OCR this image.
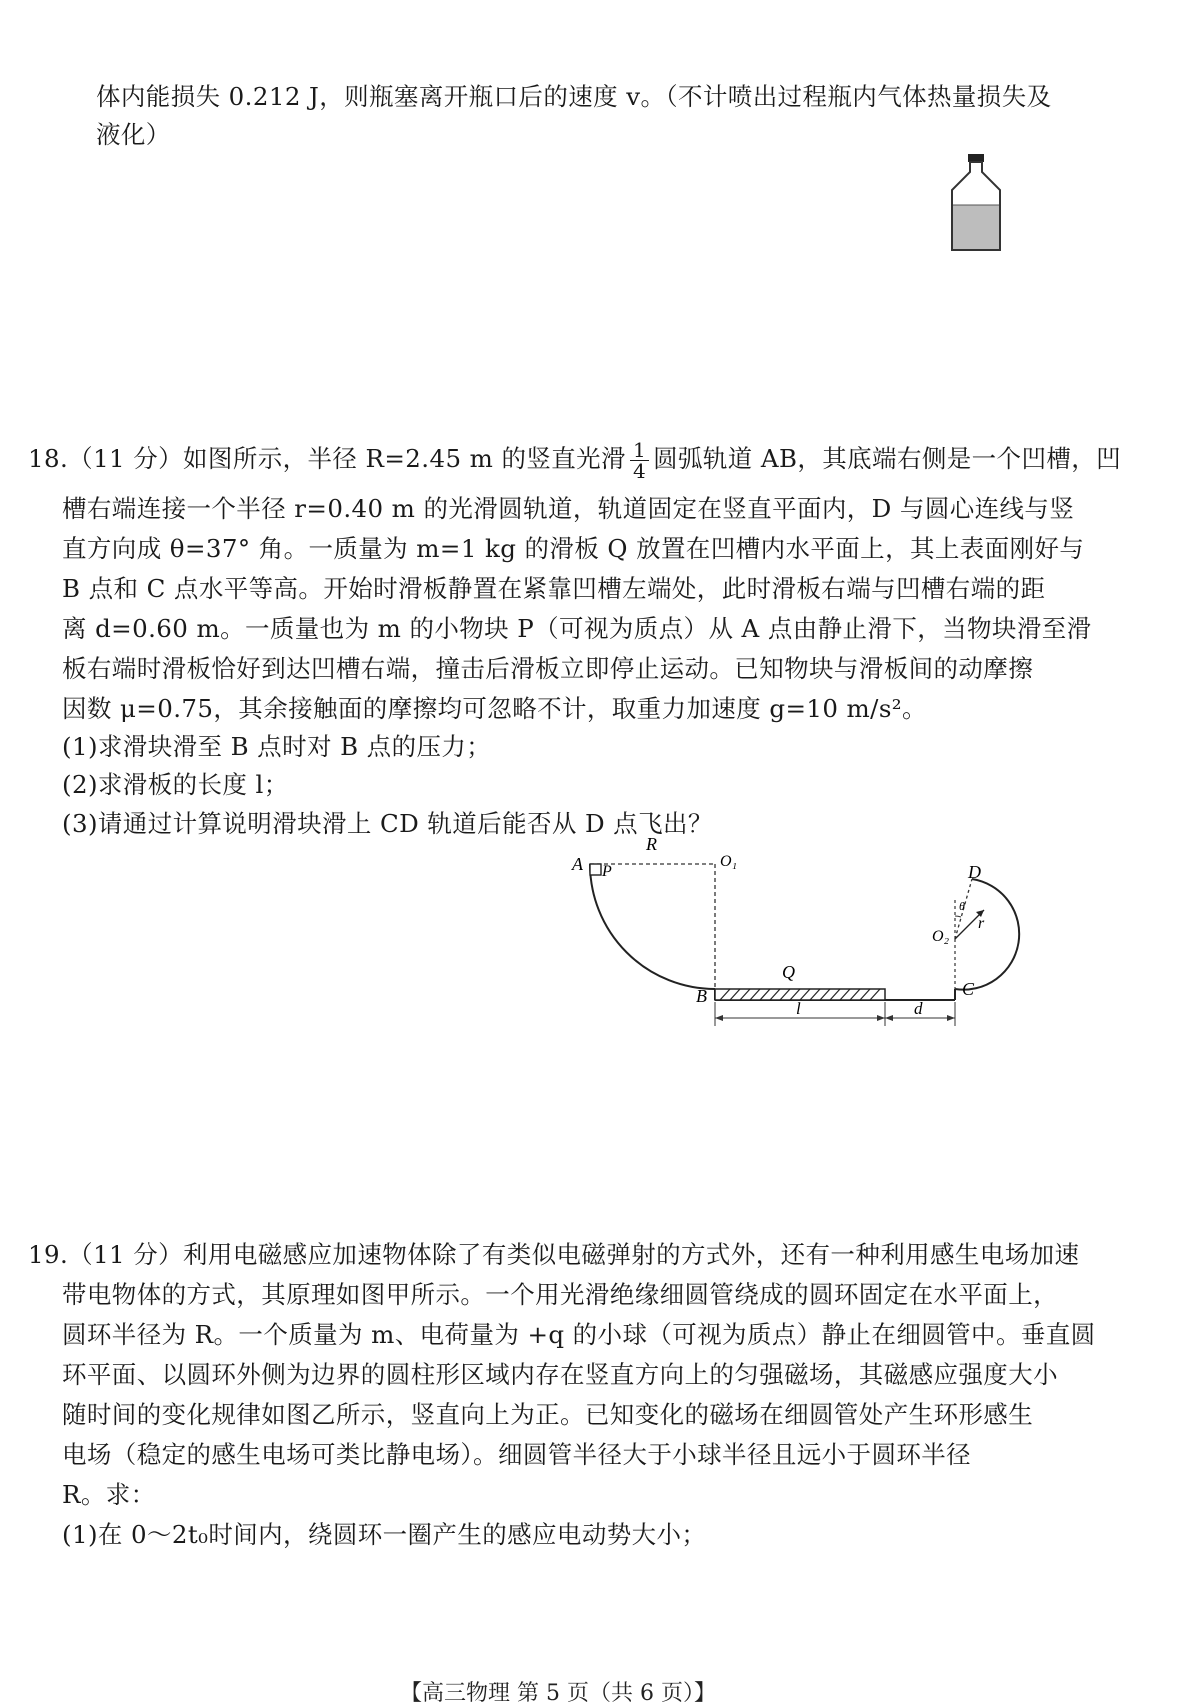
体内能损失 0.212 J，则瓶塞离开瓶口后的速度 v。（不计喷出过程瓶内气体热量损失及
液化）
18.（11 分）如图所示，半径 R=2.45 m 的竖直光滑 $\frac{1}{4}$ 圆弧轨道 AB，其底端右侧是一个凹槽，凹
槽右端连接一个半径 r=0.40 m 的光滑圆轨道，轨道固定在竖直平面内，D 与圆心连线与竖
直方向成 θ=37° 角。一质量为 m=1 kg 的滑板 Q 放置在凹槽内水平面上，其上表面刚好与
B 点和 C 点水平等高。开始时滑板静置在紧靠凹槽左端处，此时滑板右端与凹槽右端的距
离 d=0.60 m。一质量也为 m 的小物块 P（可视为质点）从 A 点由静止滑下，当物块滑至滑
板右端时滑板恰好到达凹槽右端，撞击后滑板立即停止运动。已知物块与滑板间的动摩擦
因数 μ=0.75，其余接触面的摩擦均可忽略不计，取重力加速度 g=10 m/s²。
(1)求滑块滑至 B 点时对 B 点的压力；
(2)求滑板的长度 l；
(3)请通过计算说明滑块滑上 CD 轨道后能否从 D 点飞出？
A P
R
O₁
Q
B	C
D
O₂
r
θ
l	d
19.（11 分）利用电磁感应加速物体除了有类似电磁弹射的方式外，还有一种利用感生电场加速
带电物体的方式，其原理如图甲所示。一个用光滑绝缘细圆管绕成的圆环固定在水平面上，
圆环半径为 R。一个质量为 m、电荷量为 +q 的小球（可视为质点）静止在细圆管中。垂直圆
环平面、以圆环外侧为边界的圆柱形区域内存在竖直方向上的匀强磁场，其磁感应强度大小
随时间的变化规律如图乙所示，竖直向上为正。已知变化的磁场在细圆管处产生环形感生
电场（稳定的感生电场可类比静电场）。细圆管半径大于小球半径且远小于圆环半径
R。求：
(1)在 0～2t₀时间内，绕圆环一圈产生的感应电动势大小；
【高三物理 第 5 页（共 6 页）】
